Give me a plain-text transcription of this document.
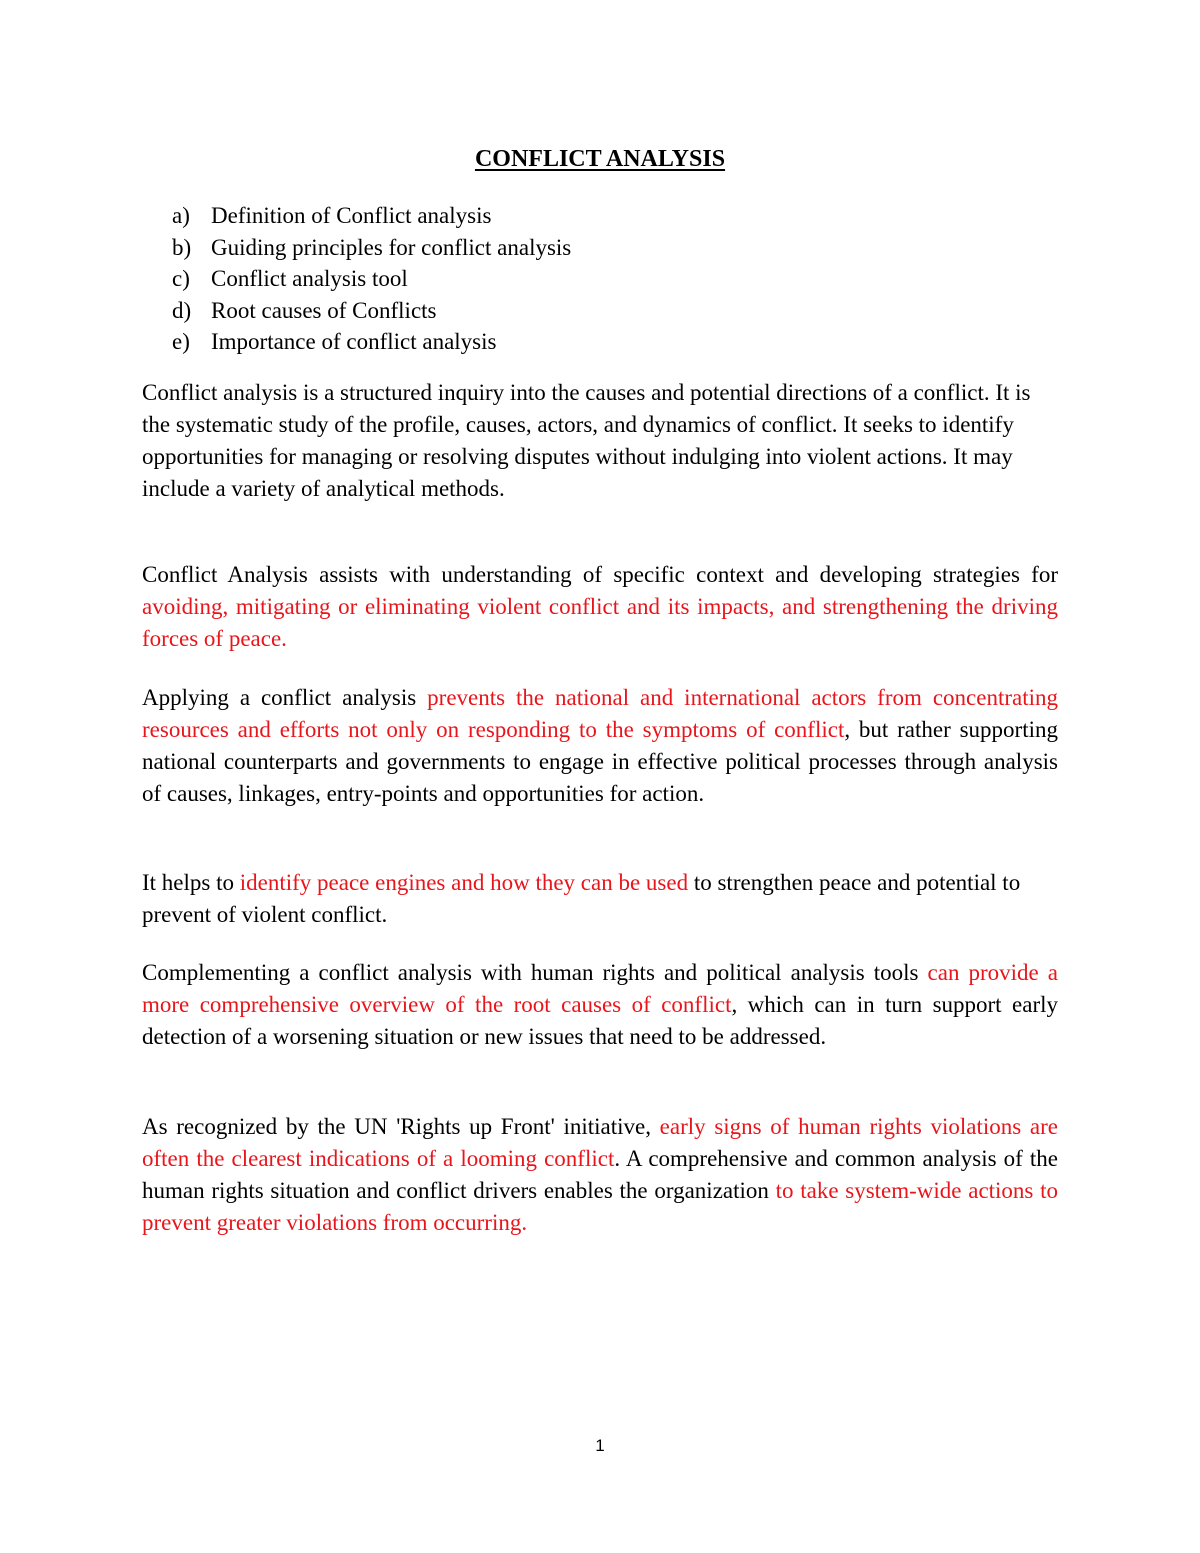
CONFLICT ANALYSIS
a) Definition of Conflict analysis
b) Guiding principles for conflict analysis
c) Conflict analysis tool
d) Root causes of Conflicts
e) Importance of conflict analysis

Conflict analysis is a structured inquiry into the causes and potential directions of a conflict. It is the systematic study of the profile, causes, actors, and dynamics of conflict. It seeks to identify opportunities for managing or resolving disputes without indulging into violent actions. It may include a variety of analytical methods.

Conflict Analysis assists with understanding of specific context and developing strategies for avoiding, mitigating or eliminating violent conflict and its impacts, and strengthening the driving forces of peace.

Applying a conflict analysis prevents the national and international actors from concentrating resources and efforts not only on responding to the symptoms of conflict, but rather supporting national counterparts and governments to engage in effective political processes through analysis of causes, linkages, entry-points and opportunities for action.

It helps to identify peace engines and how they can be used to strengthen peace and potential to prevent of violent conflict.

Complementing a conflict analysis with human rights and political analysis tools can provide a more comprehensive overview of the root causes of conflict, which can in turn support early detection of a worsening situation or new issues that need to be addressed.

As recognized by the UN 'Rights up Front' initiative, early signs of human rights violations are often the clearest indications of a looming conflict. A comprehensive and common analysis of the human rights situation and conflict drivers enables the organization to take system-wide actions to prevent greater violations from occurring.

1
